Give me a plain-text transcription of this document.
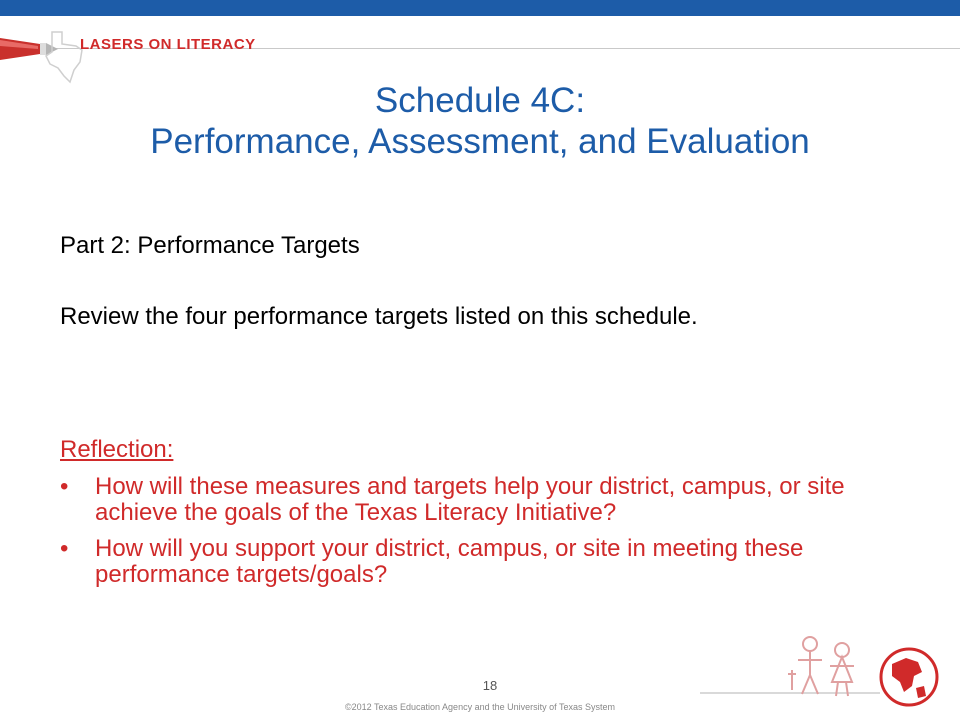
LASERS ON LITERACY
Schedule 4C:
Performance, Assessment, and Evaluation
Part 2: Performance Targets
Review the four performance targets listed on this schedule.
Reflection:
• How will these measures and targets help your district, campus, or site achieve the goals of the Texas Literacy Initiative?
• How will you support your district, campus, or site in meeting these performance targets/goals?
18
©2012 Texas Education Agency and the University of Texas System
